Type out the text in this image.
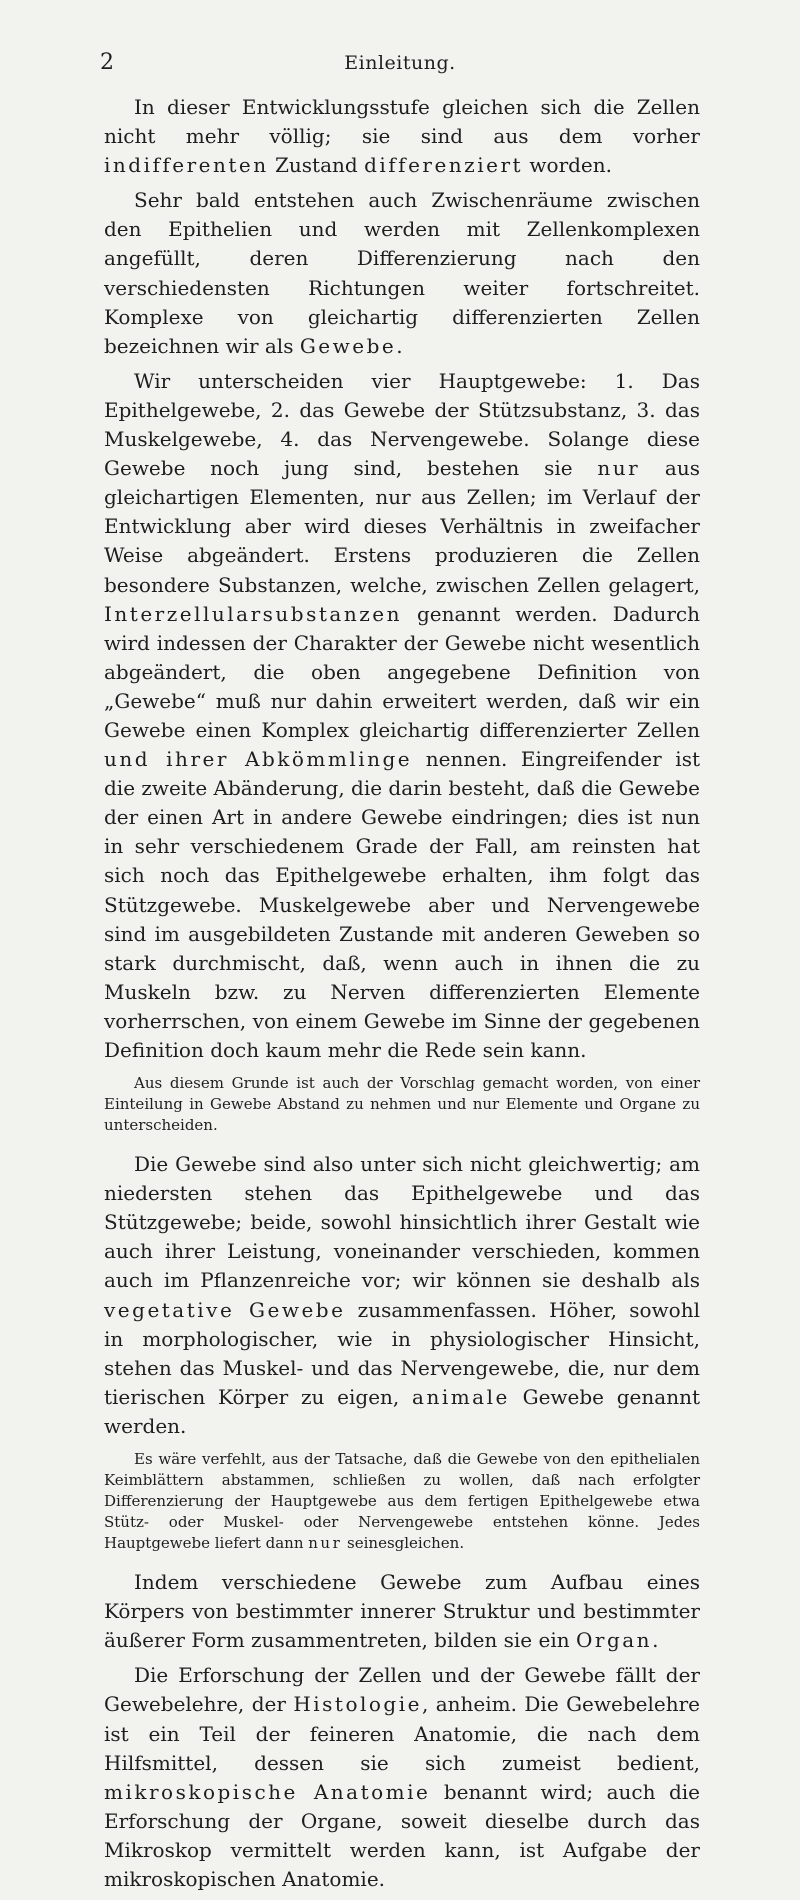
2	Einleitung.

In dieser Entwicklungsstufe gleichen sich die Zellen nicht mehr völlig; sie sind aus dem vorher indifferenten Zustand differenziert worden.

Sehr bald entstehen auch Zwischenräume zwischen den Epithelien und werden mit Zellenkomplexen angefüllt, deren Differenzierung nach den verschiedensten Richtungen weiter fortschreitet. Komplexe von gleichartig differenzierten Zellen bezeichnen wir als Gewebe.

Wir unterscheiden vier Hauptgewebe: 1. Das Epithelgewebe, 2. das Gewebe der Stützsubstanz, 3. das Muskelgewebe, 4. das Nervengewebe. Solange diese Gewebe noch jung sind, bestehen sie nur aus gleichartigen Elementen, nur aus Zellen; im Verlauf der Entwicklung aber wird dieses Verhältnis in zweifacher Weise abgeändert. Erstens produzieren die Zellen besondere Substanzen, welche, zwischen Zellen gelagert, Interzellularsubstanzen genannt werden. Dadurch wird indessen der Charakter der Gewebe nicht wesentlich abgeändert, die oben angegebene Definition von „Gewebe“ muß nur dahin erweitert werden, daß wir ein Gewebe einen Komplex gleichartig differenzierter Zellen und ihrer Abkömmlinge nennen. Eingreifender ist die zweite Abänderung, die darin besteht, daß die Gewebe der einen Art in andere Gewebe eindringen; dies ist nun in sehr verschiedenem Grade der Fall, am reinsten hat sich noch das Epithelgewebe erhalten, ihm folgt das Stützgewebe. Muskelgewebe aber und Nervengewebe sind im ausgebildeten Zustande mit anderen Geweben so stark durchmischt, daß, wenn auch in ihnen die zu Muskeln bzw. zu Nerven differenzierten Elemente vorherrschen, von einem Gewebe im Sinne der gegebenen Definition doch kaum mehr die Rede sein kann.

Aus diesem Grunde ist auch der Vorschlag gemacht worden, von einer Einteilung in Gewebe Abstand zu nehmen und nur Elemente und Organe zu unterscheiden.

Die Gewebe sind also unter sich nicht gleichwertig; am niedersten stehen das Epithelgewebe und das Stützgewebe; beide, sowohl hinsichtlich ihrer Gestalt wie auch ihrer Leistung, voneinander verschieden, kommen auch im Pflanzenreiche vor; wir können sie deshalb als vegetative Gewebe zusammenfassen. Höher, sowohl in morphologischer, wie in physiologischer Hinsicht, stehen das Muskel- und das Nervengewebe, die, nur dem tierischen Körper zu eigen, animale Gewebe genannt werden.

Es wäre verfehlt, aus der Tatsache, daß die Gewebe von den epithelialen Keimblättern abstammen, schließen zu wollen, daß nach erfolgter Differenzierung der Hauptgewebe aus dem fertigen Epithelgewebe etwa Stütz- oder Muskel- oder Nervengewebe entstehen könne. Jedes Hauptgewebe liefert dann nur seinesgleichen.

Indem verschiedene Gewebe zum Aufbau eines Körpers von bestimmter innerer Struktur und bestimmter äußerer Form zusammentreten, bilden sie ein Organ.

Die Erforschung der Zellen und der Gewebe fällt der Gewebelehre, der Histologie, anheim. Die Gewebelehre ist ein Teil der feineren Anatomie, die nach dem Hilfsmittel, dessen sie sich zumeist bedient, mikroskopische Anatomie benannt wird; auch die Erforschung der Organe, soweit dieselbe durch das Mikroskop vermittelt werden kann, ist Aufgabe der mikroskopischen Anatomie.
